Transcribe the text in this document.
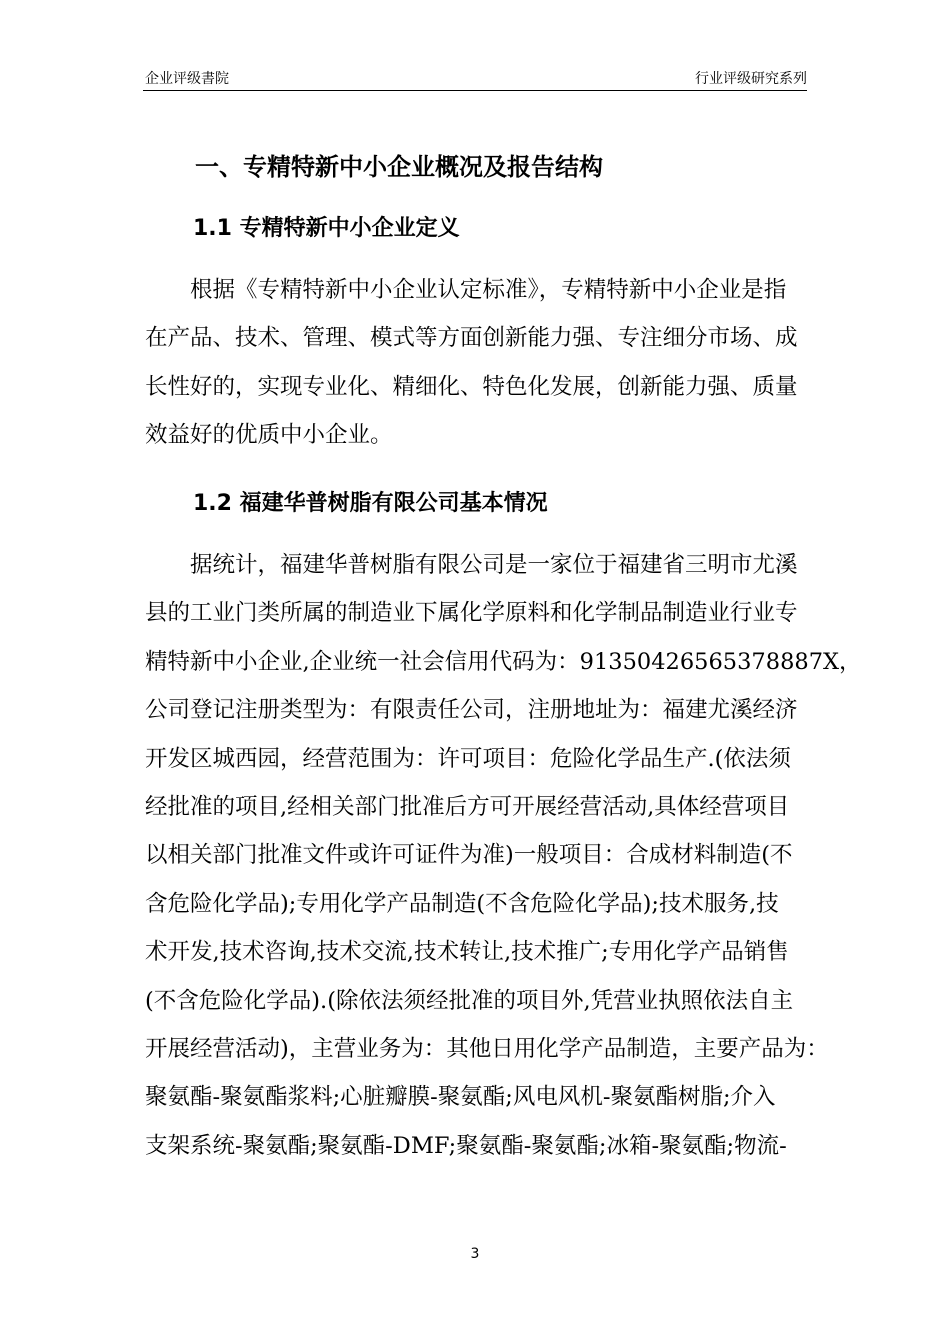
企业评级書院	行业评级研究系列
一、专精特新中小企业概况及报告结构
1.1 专精特新中小企业定义
根据《专精特新中小企业认定标准》，专精特新中小企业是指
在产品、技术、管理、模式等方面创新能力强、专注细分市场、成
长性好的，实现专业化、精细化、特色化发展，创新能力强、质量
效益好的优质中小企业。
1.2 福建华普树脂有限公司基本情况
据统计，福建华普树脂有限公司是一家位于福建省三明市尤溪
县的工业门类所属的制造业下属化学原料和化学制品制造业行业专
精特新中小企业,企业统一社会信用代码为：91350426565378887X，
公司登记注册类型为：有限责任公司，注册地址为：福建尤溪经济
开发区城西园，经营范围为：许可项目：危险化学品生产.(依法须
经批准的项目,经相关部门批准后方可开展经营活动,具体经营项目
以相关部门批准文件或许可证件为准)一般项目：合成材料制造(不
含危险化学品);专用化学产品制造(不含危险化学品);技术服务,技
术开发,技术咨询,技术交流,技术转让,技术推广;专用化学产品销售
(不含危险化学品).(除依法须经批准的项目外,凭营业执照依法自主
开展经营活动)，主营业务为：其他日用化学产品制造，主要产品为：
聚氨酯-聚氨酯浆料;心脏瓣膜-聚氨酯;风电风机-聚氨酯树脂;介入
支架系统-聚氨酯;聚氨酯-DMF;聚氨酯-聚氨酯;冰箱-聚氨酯;物流-
3
